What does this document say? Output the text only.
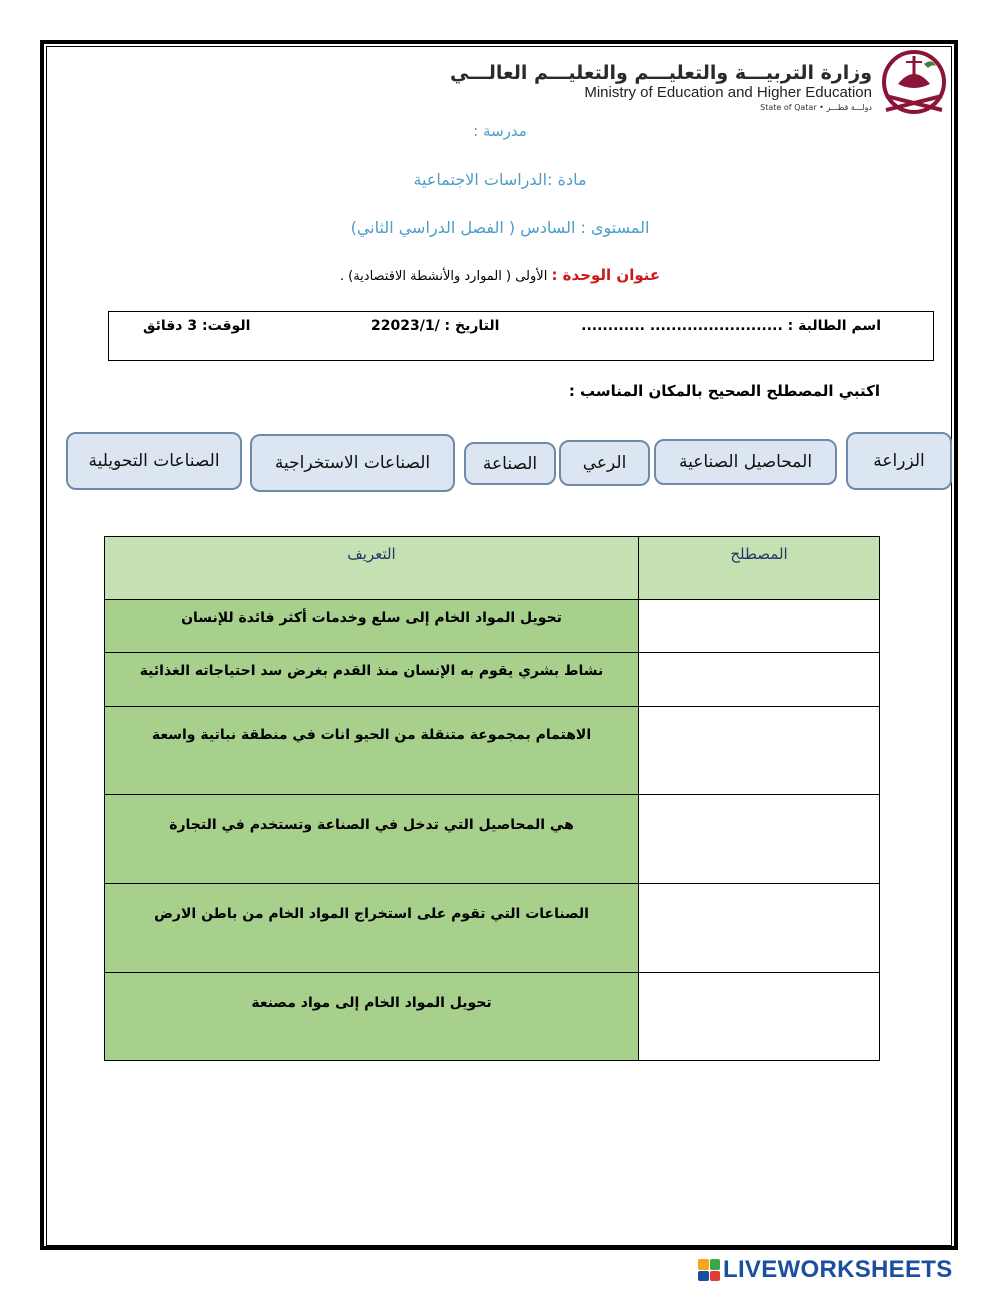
وزارة التربيـــة والتعليـــم والتعليـــم العالـــي
Ministry of Education and Higher Education
State of Qatar • دولـــة قطـــر
مدرسة :
مادة :الدراسات الاجتماعية
المستوى : السادس ( الفصل الدراسي الثاني)
عنوان الوحدة : الأولى ( الموارد والأنشطة الاقتصادية) .
اسم الطالبة : ......................... ............
التاريخ : /22023/1
الوقت: 3 دقائق
اكتبي المصطلح الصحيح بالمكان المناسب :
الزراعة
المحاصيل الصناعية
الرعي
الصناعة
الصناعات الاستخراجية
الصناعات التحويلية
المصطلح	التعريف
	تحويل المواد الخام إلى سلع وخدمات أكثر فائدة للإنسان
	نشاط بشري يقوم به الإنسان منذ القدم بغرض سد احتياجاته الغذائية
	الاهتمام بمجموعة متنقلة من الحيو انات في منطقة نباتية واسعة
	هي المحاصيل التي تدخل في الصناعة وتستخدم في التجارة
	الصناعات التي تقوم على استخراج المواد الخام من باطن الارض
	تحويل المواد الخام إلى مواد مصنعة
LIVEWORKSHEETS
